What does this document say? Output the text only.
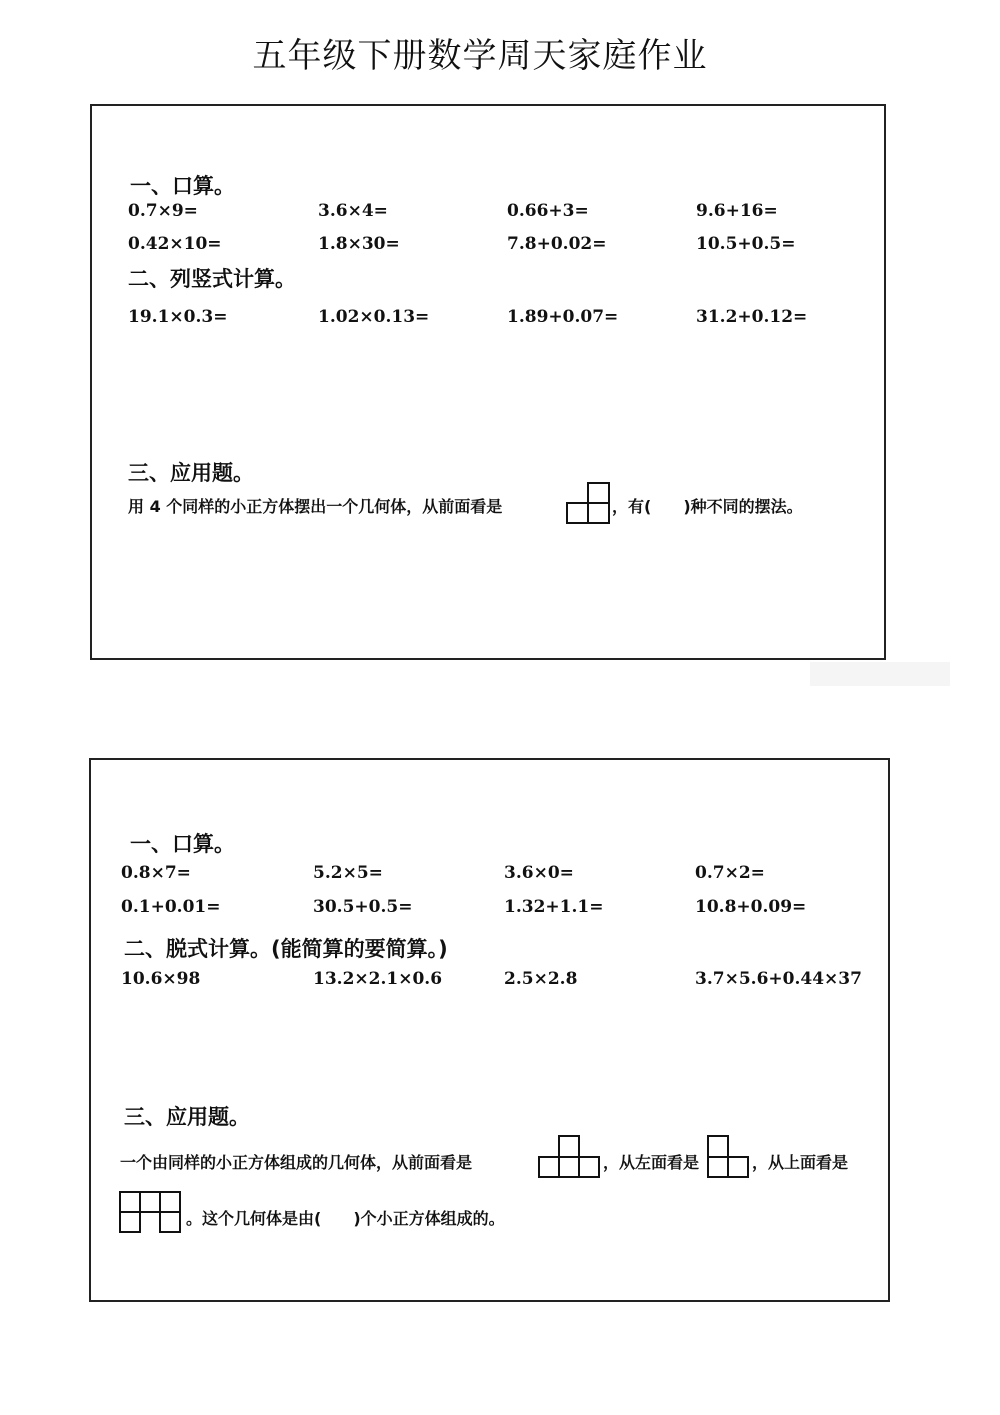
五年级下册数学周天家庭作业
一、口算。
0.7×9=	3.6×4=	0.66+3=	9.6+16=
0.42×10=	1.8×30=	7.8+0.02=	10.5+0.5=
二、列竖式计算。
19.1×0.3=	1.02×0.13=	1.89+0.07=	31.2+0.12=
三、应用题。
用 4 个同样的小正方体摆出一个几何体，从前面看是	，有(　　)种不同的摆法。
一、口算。
0.8×7=	5.2×5=	3.6×0=	0.7×2=
0.1+0.01=	30.5+0.5=	1.32+1.1=	10.8+0.09=
二、脱式计算。(能简算的要简算。)
10.6×98	13.2×2.1×0.6	2.5×2.8	3.7×5.6+0.44×37
三、应用题。
一个由同样的小正方体组成的几何体，从前面看是	，从左面看是	，从上面看是
。这个几何体是由(　　)个小正方体组成的。
